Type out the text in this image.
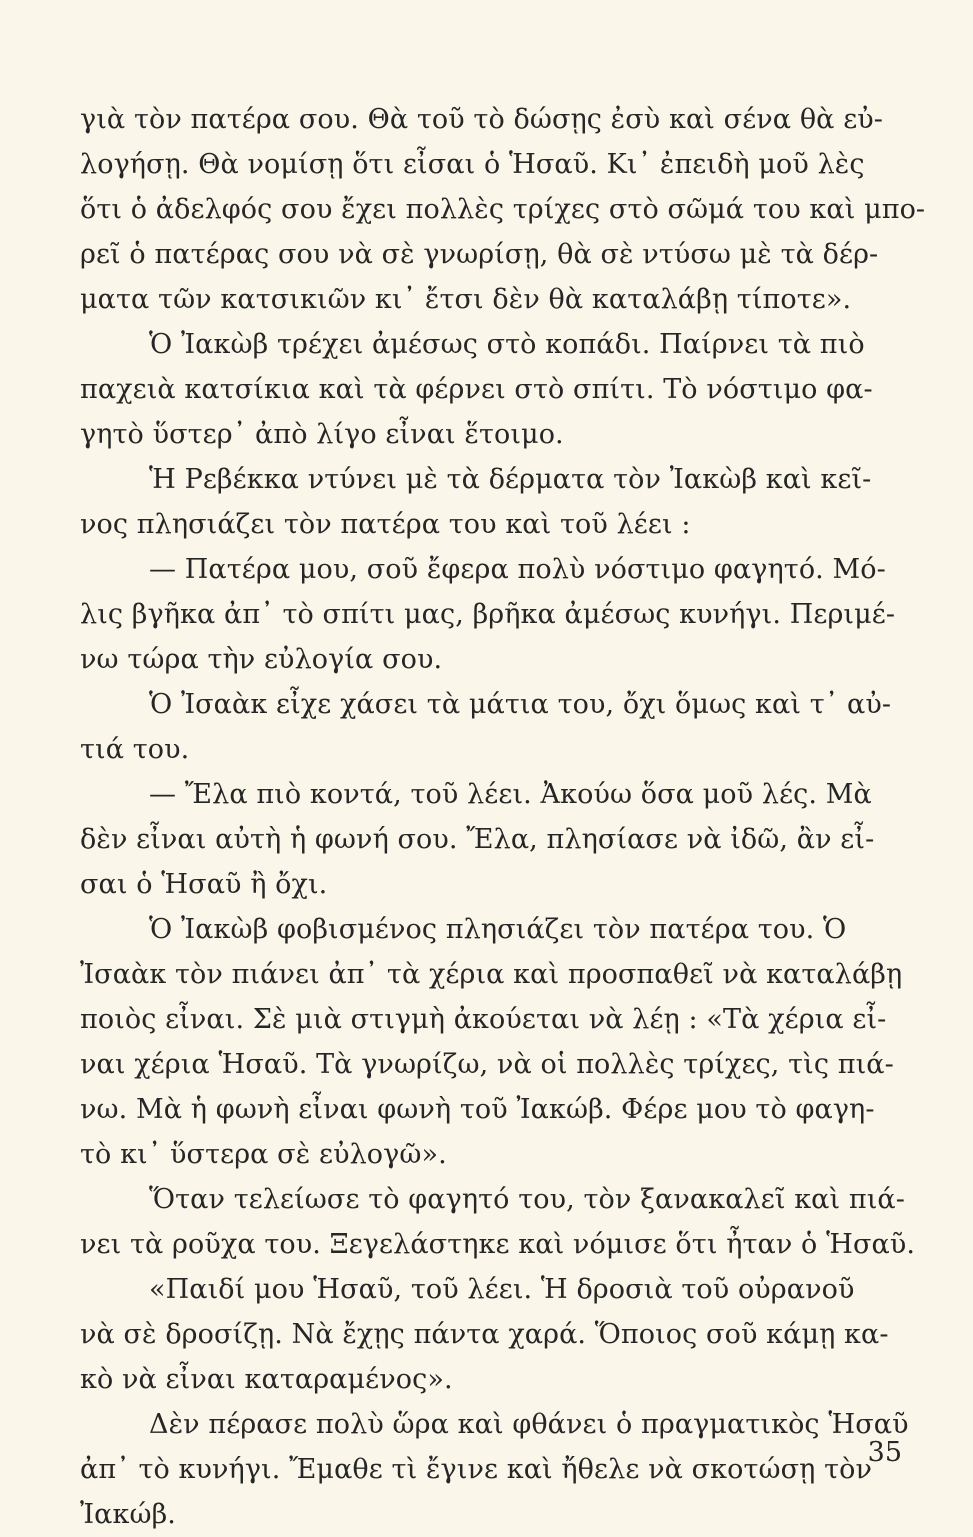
γιὰ τὸν πατέρα σου. Θὰ τοῦ τὸ δώσῃς ἐσὺ καὶ σένα θὰ εὐ-
λογήσῃ. Θὰ νομίσῃ ὅτι εἶσαι ὁ Ἡσαῦ. Κι᾽ ἐπειδὴ μοῦ λὲς
ὅτι ὁ ἀδελφός σου ἔχει πολλὲς τρίχες στὸ σῶμά του καὶ μπο-
ρεῖ ὁ πατέρας σου νὰ σὲ γνωρίσῃ, θὰ σὲ ντύσω μὲ τὰ δέρ-
ματα τῶν κατσικιῶν κι᾽ ἔτσι δὲν θὰ καταλάβῃ τίποτε».
Ὁ Ἰακὼβ τρέχει ἀμέσως στὸ κοπάδι. Παίρνει τὰ πιὸ
παχειὰ κατσίκια καὶ τὰ φέρνει στὸ σπίτι. Τὸ νόστιμο φα-
γητὸ ὕστερ᾽ ἀπὸ λίγο εἶναι ἕτοιμο.
Ἡ Ρεβέκκα ντύνει μὲ τὰ δέρματα τὸν Ἰακὼβ καὶ κεῖ-
νος πλησιάζει τὸν πατέρα του καὶ τοῦ λέει :
— Πατέρα μου, σοῦ ἔφερα πολὺ νόστιμο φαγητό. Μό-
λις βγῆκα ἀπ᾽ τὸ σπίτι μας, βρῆκα ἀμέσως κυνήγι. Περιμέ-
νω τώρα τὴν εὐλογία σου.
Ὁ Ἰσαὰκ εἶχε χάσει τὰ μάτια του, ὄχι ὅμως καὶ τ᾽ αὐ-
τιά του.
— Ἔλα πιὸ κοντά, τοῦ λέει. Ἀκούω ὅσα μοῦ λές. Μὰ
δὲν εἶναι αὐτὴ ἡ φωνή σου. Ἔλα, πλησίασε νὰ ἰδῶ, ἂν εἶ-
σαι ὁ Ἡσαῦ ἢ ὄχι.
Ὁ Ἰακὼβ φοβισμένος πλησιάζει τὸν πατέρα του. Ὁ
Ἰσαὰκ τὸν πιάνει ἀπ᾽ τὰ χέρια καὶ προσπαθεῖ νὰ καταλάβῃ
ποιὸς εἶναι. Σὲ μιὰ στιγμὴ ἀκούεται νὰ λέῃ : «Τὰ χέρια εἶ-
ναι χέρια Ἡσαῦ. Τὰ γνωρίζω, νὰ οἱ πολλὲς τρίχες, τὶς πιά-
νω. Μὰ ἡ φωνὴ εἶναι φωνὴ τοῦ Ἰακώβ. Φέρε μου τὸ φαγη-
τὸ κι᾽ ὕστερα σὲ εὐλογῶ».
Ὅταν τελείωσε τὸ φαγητό του, τὸν ξανακαλεῖ καὶ πιά-
νει τὰ ροῦχα του. Ξεγελάστηκε καὶ νόμισε ὅτι ἦταν ὁ Ἡσαῦ.
«Παιδί μου Ἡσαῦ, τοῦ λέει. Ἡ δροσιὰ τοῦ οὐρανοῦ
νὰ σὲ δροσίζῃ. Νὰ ἔχῃς πάντα χαρά. Ὅποιος σοῦ κάμῃ κα-
κὸ νὰ εἶναι καταραμένος».
Δὲν πέρασε πολὺ ὥρα καὶ φθάνει ὁ πραγματικὸς Ἡσαῦ
ἀπ᾽ τὸ κυνήγι. Ἔμαθε τὶ ἔγινε καὶ ἤθελε νὰ σκοτώσῃ τὸν
Ἰακώβ.
35
